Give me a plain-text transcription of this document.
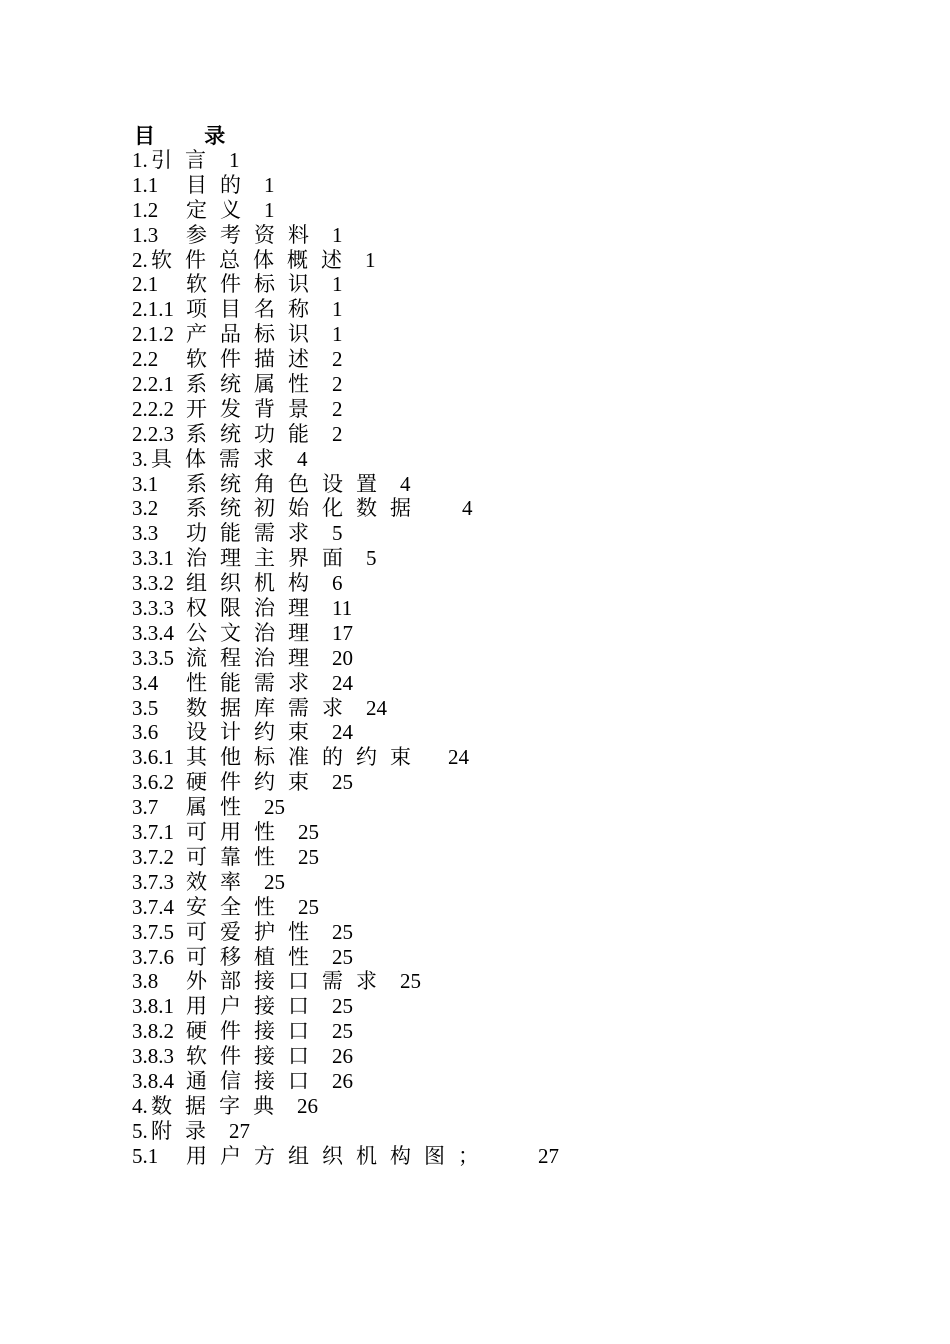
目 录
1. 引言 1
1.1	目的 1
1.2	定义 1
1.3	参考资料 1
2. 软件总体概述 1
2.1	软件标识 1
2.1.1 项目名称 1
2.1.2 产品标识 1
2.2	软件描述 2
2.2.1 系统属性 2
2.2.2 开发背景 2
2.2.3 系统功能 2
3. 具体需求 4
3.1	系统角色设置 4
3.2	系统初始化数据 4
3.3	功能需求 5
3.3.1 治理主界面 5
3.3.2 组织机构 6
3.3.3 权限治理 11
3.3.4 公文治理 17
3.3.5 流程治理 20
3.4	性能需求 24
3.5	数据库需求 24
3.6	设计约束 24
3.6.1 其他标准的约束 24
3.6.2 硬件约束 25
3.7	属性 25
3.7.1 可用性 25
3.7.2 可靠性 25
3.7.3 效率 25
3.7.4 安全性 25
3.7.5 可爱护性 25
3.7.6 可移植性 25
3.8	外部接口需求 25
3.8.1 用户接口 25
3.8.2 硬件接口 25
3.8.3 软件接口 26
3.8.4 通信接口 26
4. 数据字典 26
5. 附录 27
5.1	用户方组织机构图； 27
